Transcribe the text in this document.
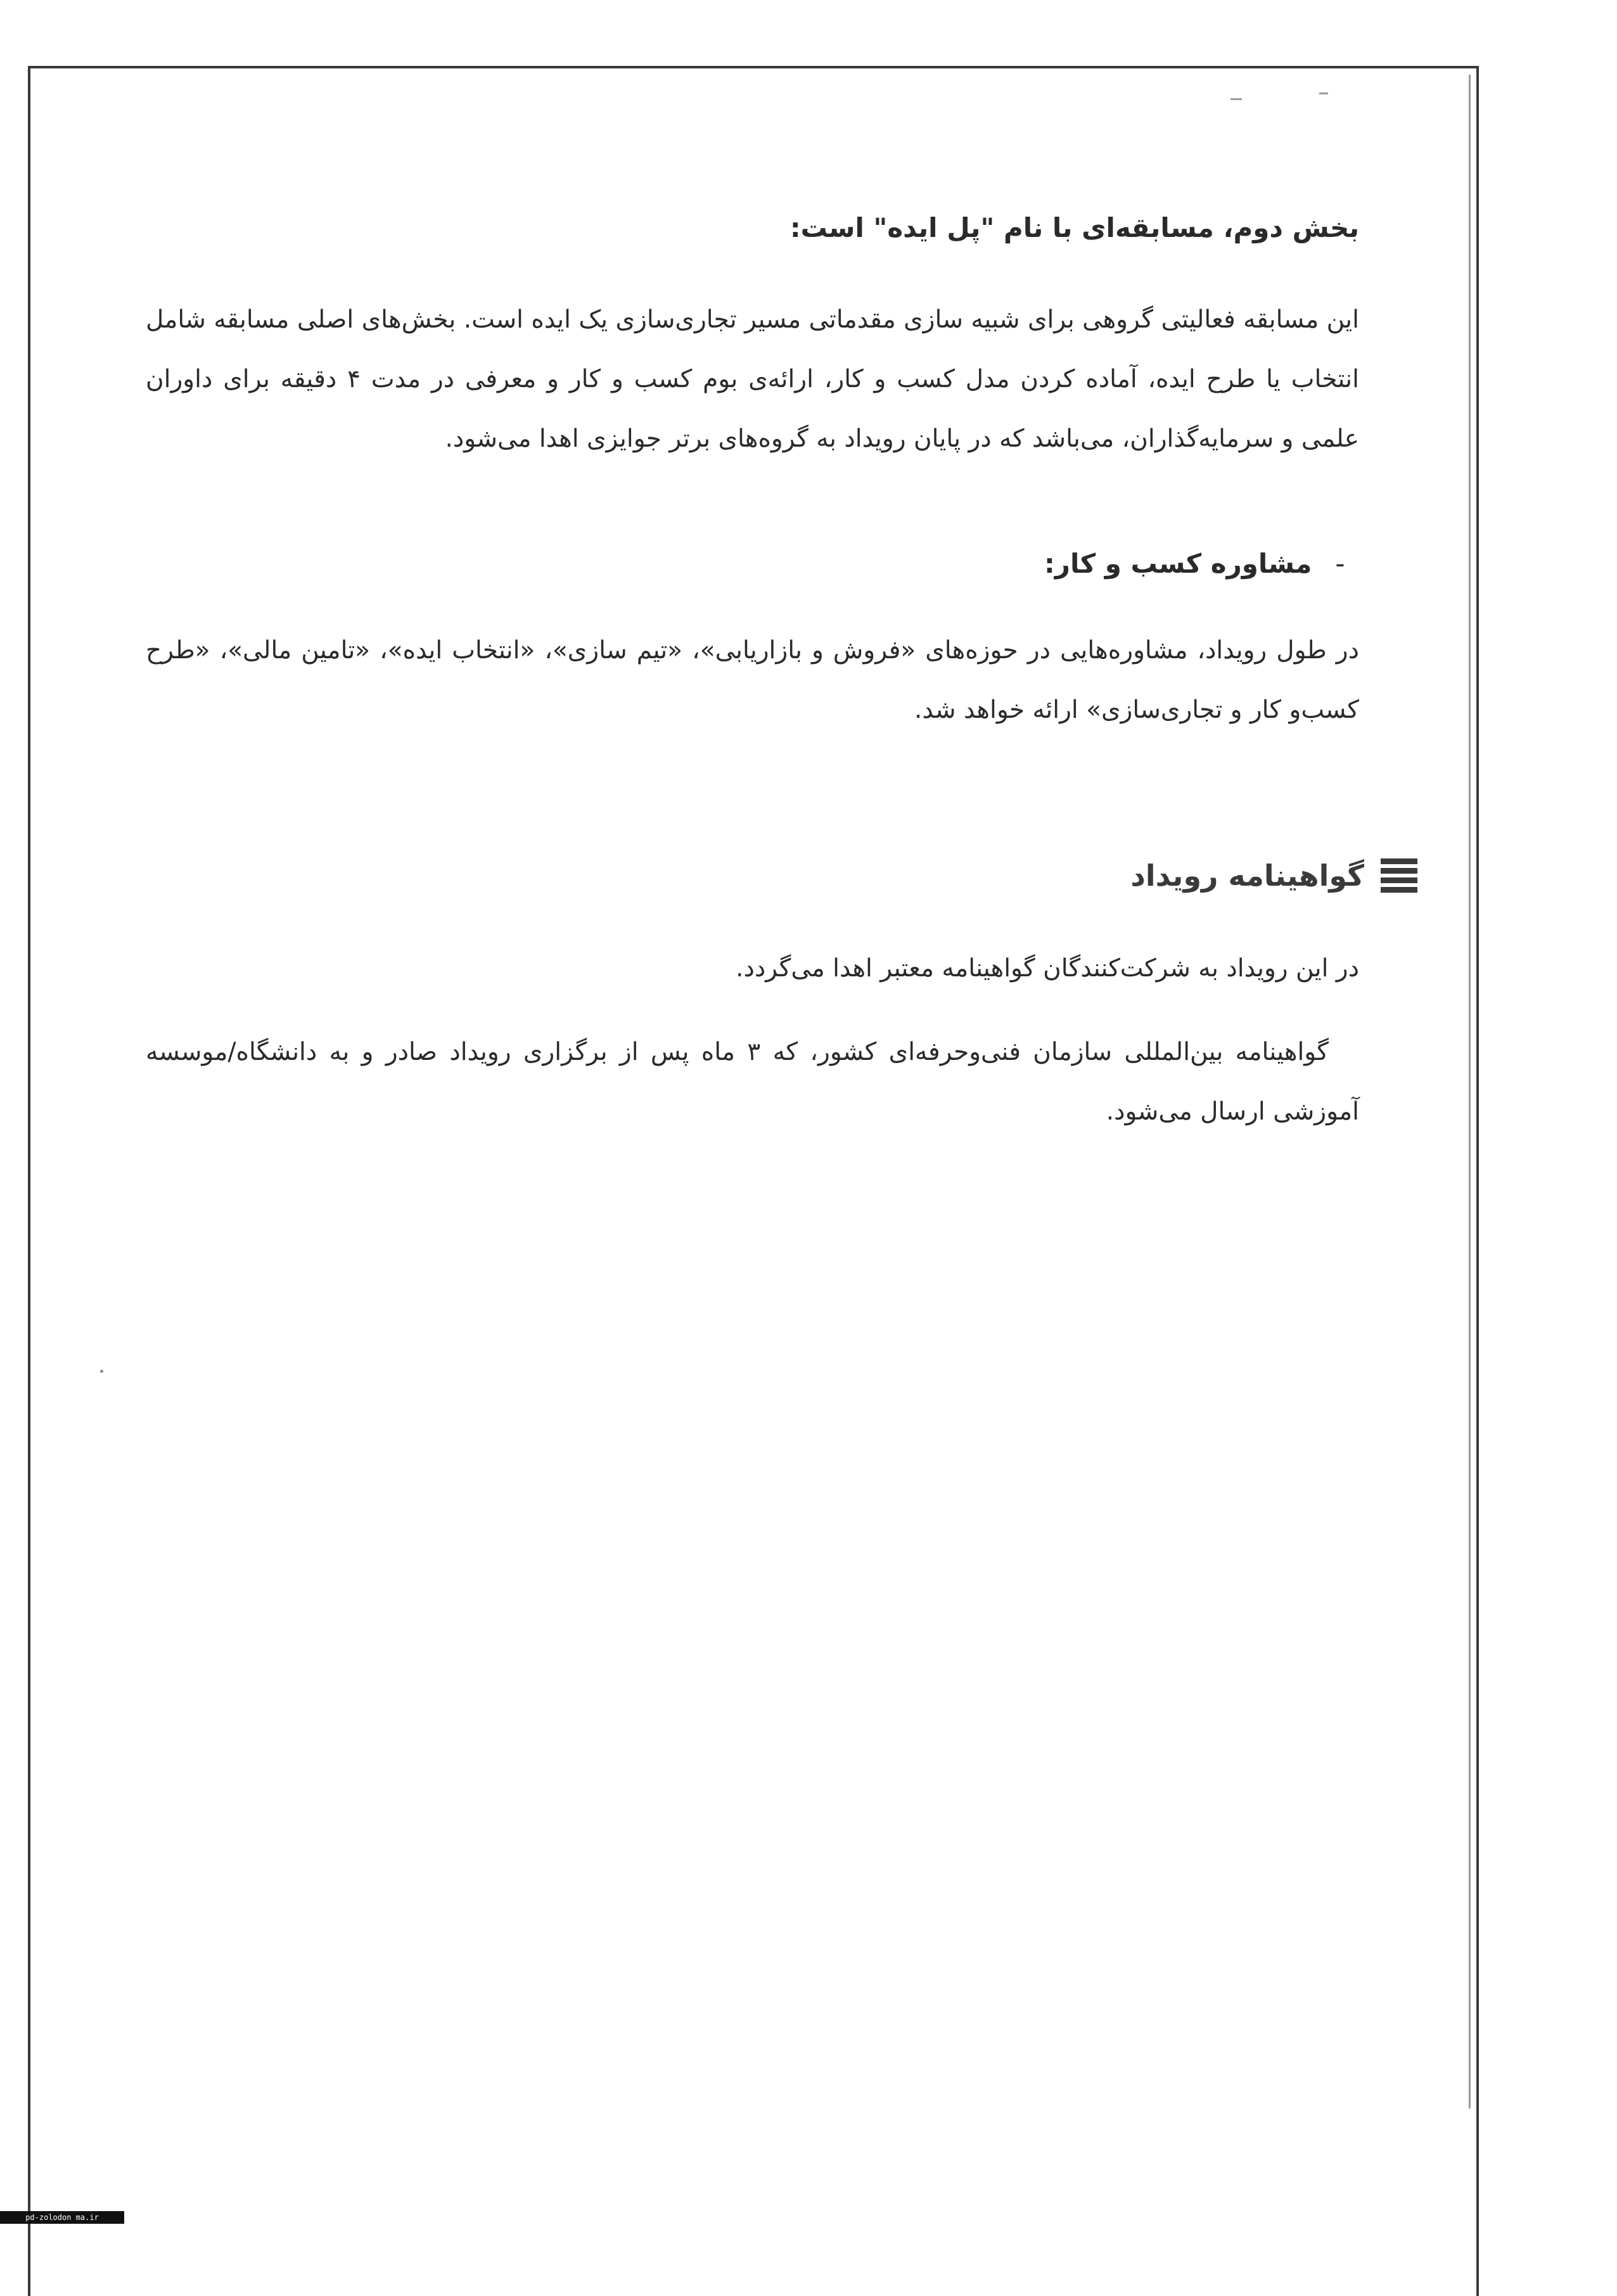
بخش دوم، مسابقه‌ای با نام "پل ایده" است:

این مسابقه فعالیتی گروهی برای شبیه سازی مقدماتی مسیر تجاری‌سازی یک ایده است. بخش‌های اصلی مسابقه شامل انتخاب یا طرح ایده، آماده کردن مدل کسب و کار، ارائه‌ی بوم کسب و کار و معرفی در مدت ۴ دقیقه برای داوران علمی و سرمایه‌گذاران، می‌باشد که در پایان رویداد به گروه‌های برتر جوایزی اهدا می‌شود.

- مشاوره کسب و کار:

در طول رویداد، مشاوره‌هایی در حوزه‌های «فروش و بازاریابی»، «تیم سازی»، «انتخاب ایده»، «تامین مالی»، «طرح کسب‌و کار و تجاری‌سازی» ارائه خواهد شد.

گواهینامه رویداد

در این رویداد به شرکت‌کنندگان گواهینامه معتبر اهدا می‌گردد.

گواهینامه بین‌المللی سازمان فنی‌وحرفه‌ای کشور، که ۳ ماه پس از برگزاری رویداد صادر و به دانشگاه/موسسه آموزشی ارسال می‌شود.

pd-zolodon ma.ir
